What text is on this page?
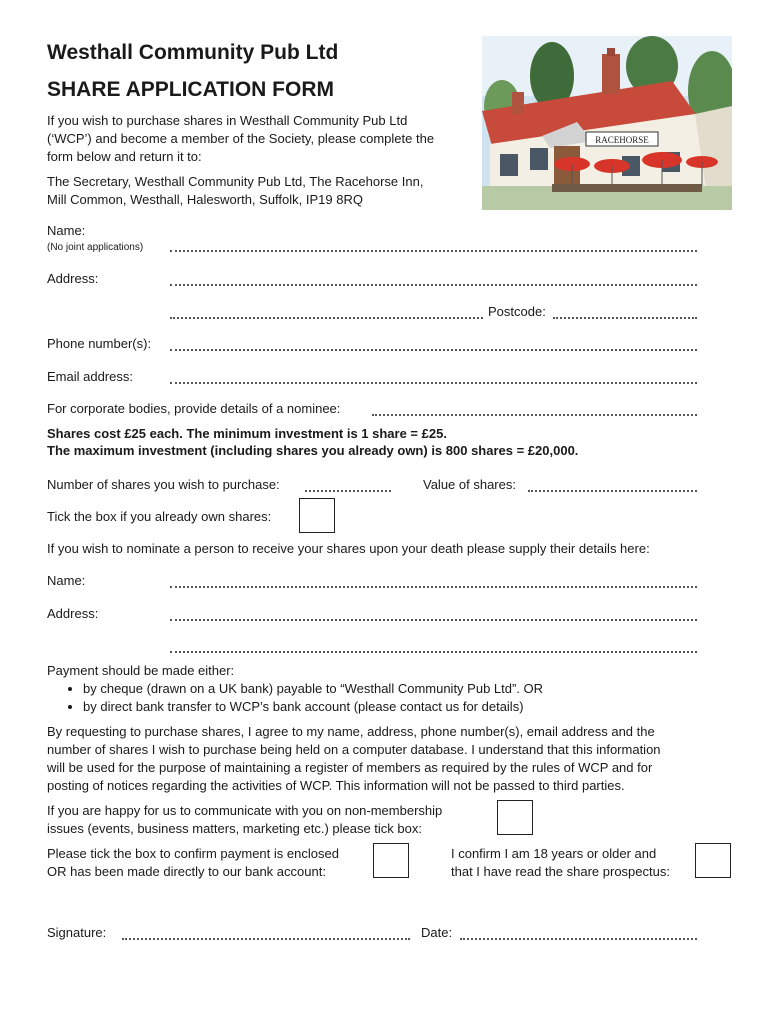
Westhall Community Pub Ltd
SHARE APPLICATION FORM
If you wish to purchase shares in Westhall Community Pub Ltd
(‘WCP’) and become a member of the Society, please complete the
form below and return it to:
The Secretary, Westhall Community Pub Ltd, The Racehorse Inn,
Mill Common, Westhall, Halesworth, Suffolk, IP19 8RQ
RACEHORSE
Name:
(No joint applications)
Address:
Postcode:
Phone number(s):
Email address:
For corporate bodies, provide details of a nominee:
Shares cost £25 each. The minimum investment is 1 share = £25.
The maximum investment (including shares you already own) is 800 shares = £20,000.
Number of shares you wish to purchase:	Value of shares:
Tick the box if you already own shares:
If you wish to nominate a person to receive your shares upon your death please supply their details here:
Name:
Address:
Payment should be made either:
• by cheque (drawn on a UK bank) payable to “Westhall Community Pub Ltd”. OR
• by direct bank transfer to WCP’s bank account (please contact us for details)
By requesting to purchase shares, I agree to my name, address, phone number(s), email address and the
number of shares I wish to purchase being held on a computer database. I understand that this information
will be used for the purpose of maintaining a register of members as required by the rules of WCP and for
posting of notices regarding the activities of WCP. This information will not be passed to third parties.
If you are happy for us to communicate with you on non-membership
issues (events, business matters, marketing etc.) please tick box:
Please tick the box to confirm payment is enclosed
OR has been made directly to our bank account:
I confirm I am 18 years or older and
that I have read the share prospectus:
Signature:	Date:
